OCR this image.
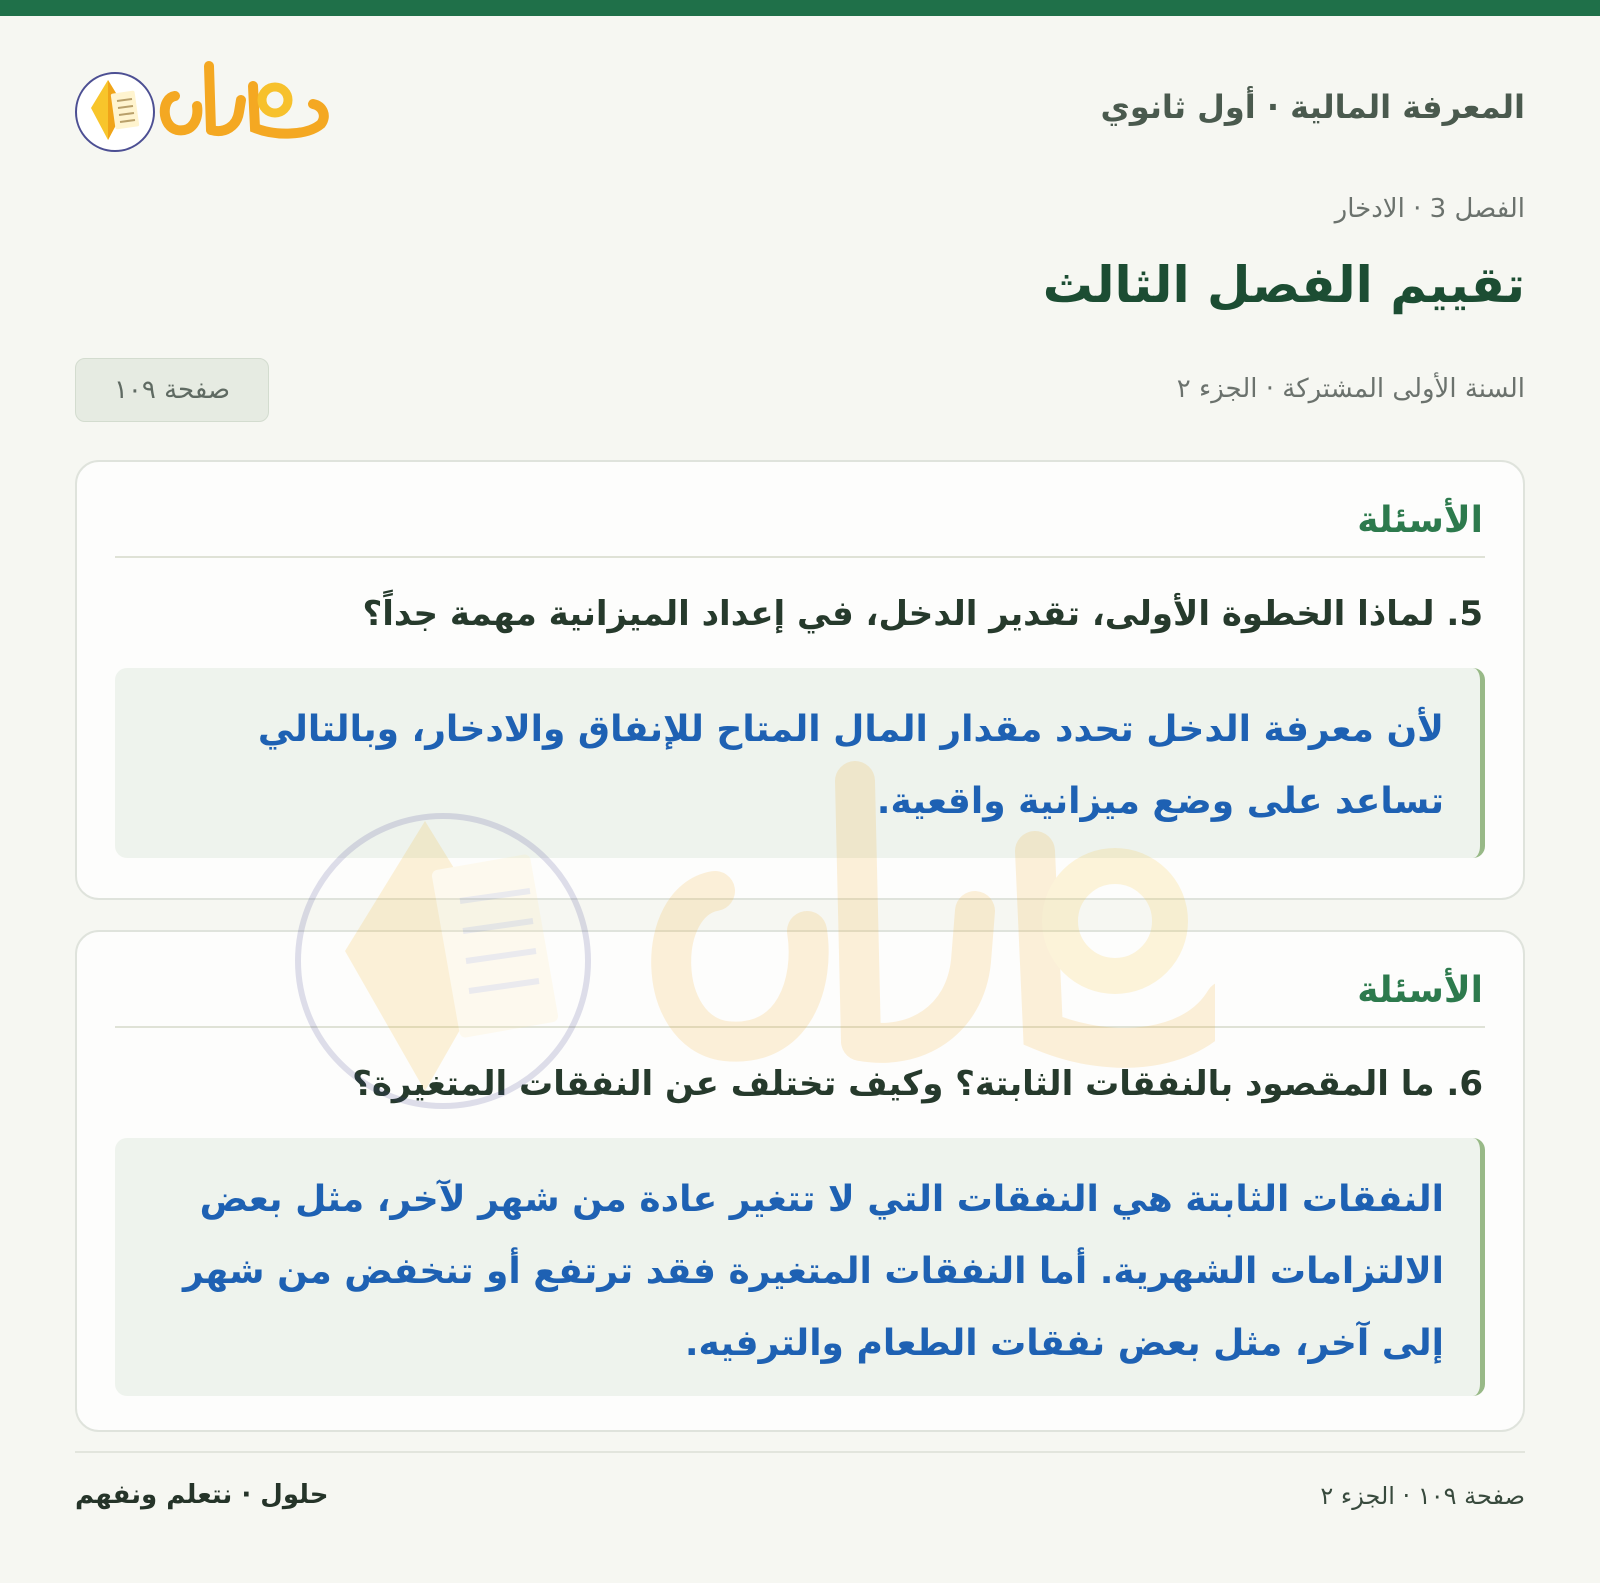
المعرفة المالية · أول ثانوي
الفصل 3 · الادخار
تقييم الفصل الثالث
السنة الأولى المشتركة · الجزء ٢
صفحة ١٠٩
الأسئلة
5. لماذا الخطوة الأولى، تقدير الدخل، في إعداد الميزانية مهمة جداً؟
لأن معرفة الدخل تحدد مقدار المال المتاح للإنفاق والادخار، وبالتالي تساعد على وضع ميزانية واقعية.
الأسئلة
6. ما المقصود بالنفقات الثابتة؟ وكيف تختلف عن النفقات المتغيرة؟
النفقات الثابتة هي النفقات التي لا تتغير عادة من شهر لآخر، مثل بعض الالتزامات الشهرية. أما النفقات المتغيرة فقد ترتفع أو تنخفض من شهر إلى آخر، مثل بعض نفقات الطعام والترفيه.
حلول · نتعلم ونفهم	صفحة ١٠٩ · الجزء ٢
